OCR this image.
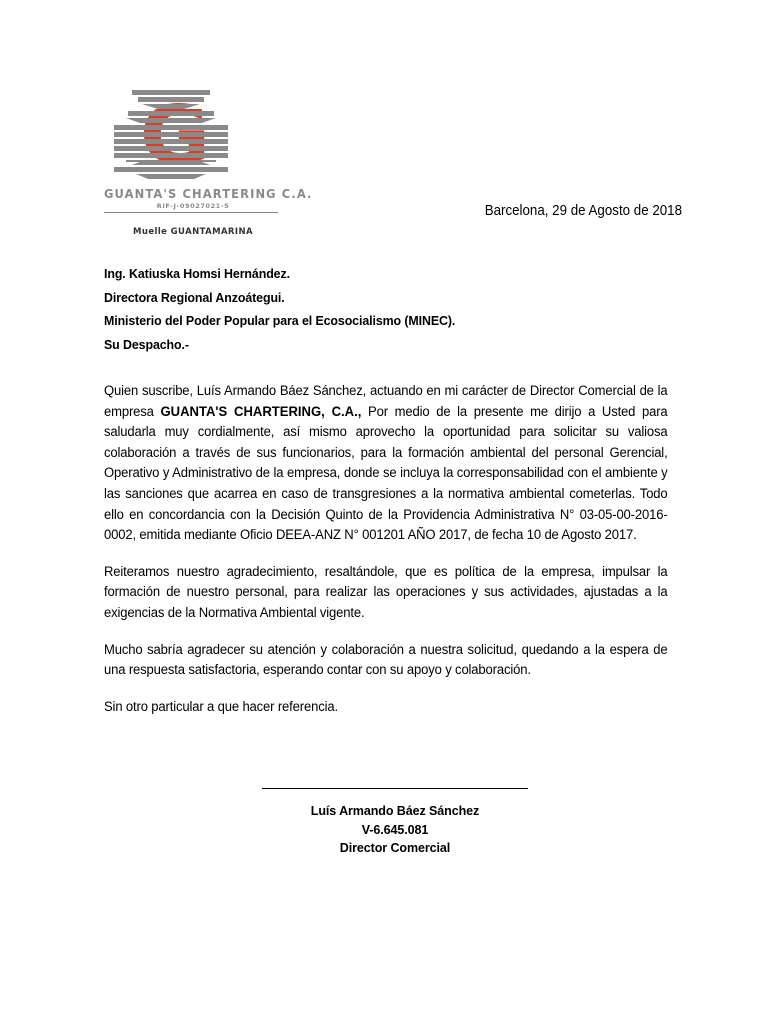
GUANTA'S CHARTERING C.A.
RIF-J-09027021-5
Muelle GUANTAMARINA
Barcelona, 29 de Agosto de 2018
Ing. Katiuska Homsi Hernández.
Directora Regional Anzoátegui.
Ministerio del Poder Popular para el Ecosocialismo (MINEC).
Su Despacho.-

Quien suscribe, Luís Armando Báez Sánchez, actuando en mi carácter de Director Comercial de la empresa GUANTA'S CHARTERING, C.A., Por medio de la presente me dirijo a Usted para saludarla muy cordialmente, así mismo aprovecho la oportunidad para solicitar su valiosa colaboración a través de sus funcionarios, para la formación ambiental del personal Gerencial, Operativo y Administrativo de la empresa, donde se incluya la corresponsabilidad con el ambiente y las sanciones que acarrea en caso de transgresiones a la normativa ambiental cometerlas. Todo ello en concordancia con la Decisión Quinto de la Providencia Administrativa N° 03-05-00-2016-0002, emitida mediante Oficio DEEA-ANZ N° 001201 AÑO 2017, de fecha 10 de Agosto 2017.

Reiteramos nuestro agradecimiento, resaltándole, que es política de la empresa, impulsar la formación de nuestro personal, para realizar las operaciones y sus actividades, ajustadas a la exigencias de la Normativa Ambiental vigente.

Mucho sabría agradecer su atención y colaboración a nuestra solicitud, quedando a la espera de una respuesta satisfactoria, esperando contar con su apoyo y colaboración.

Sin otro particular a que hacer referencia.

Luís Armando Báez Sánchez
V-6.645.081
Director Comercial
